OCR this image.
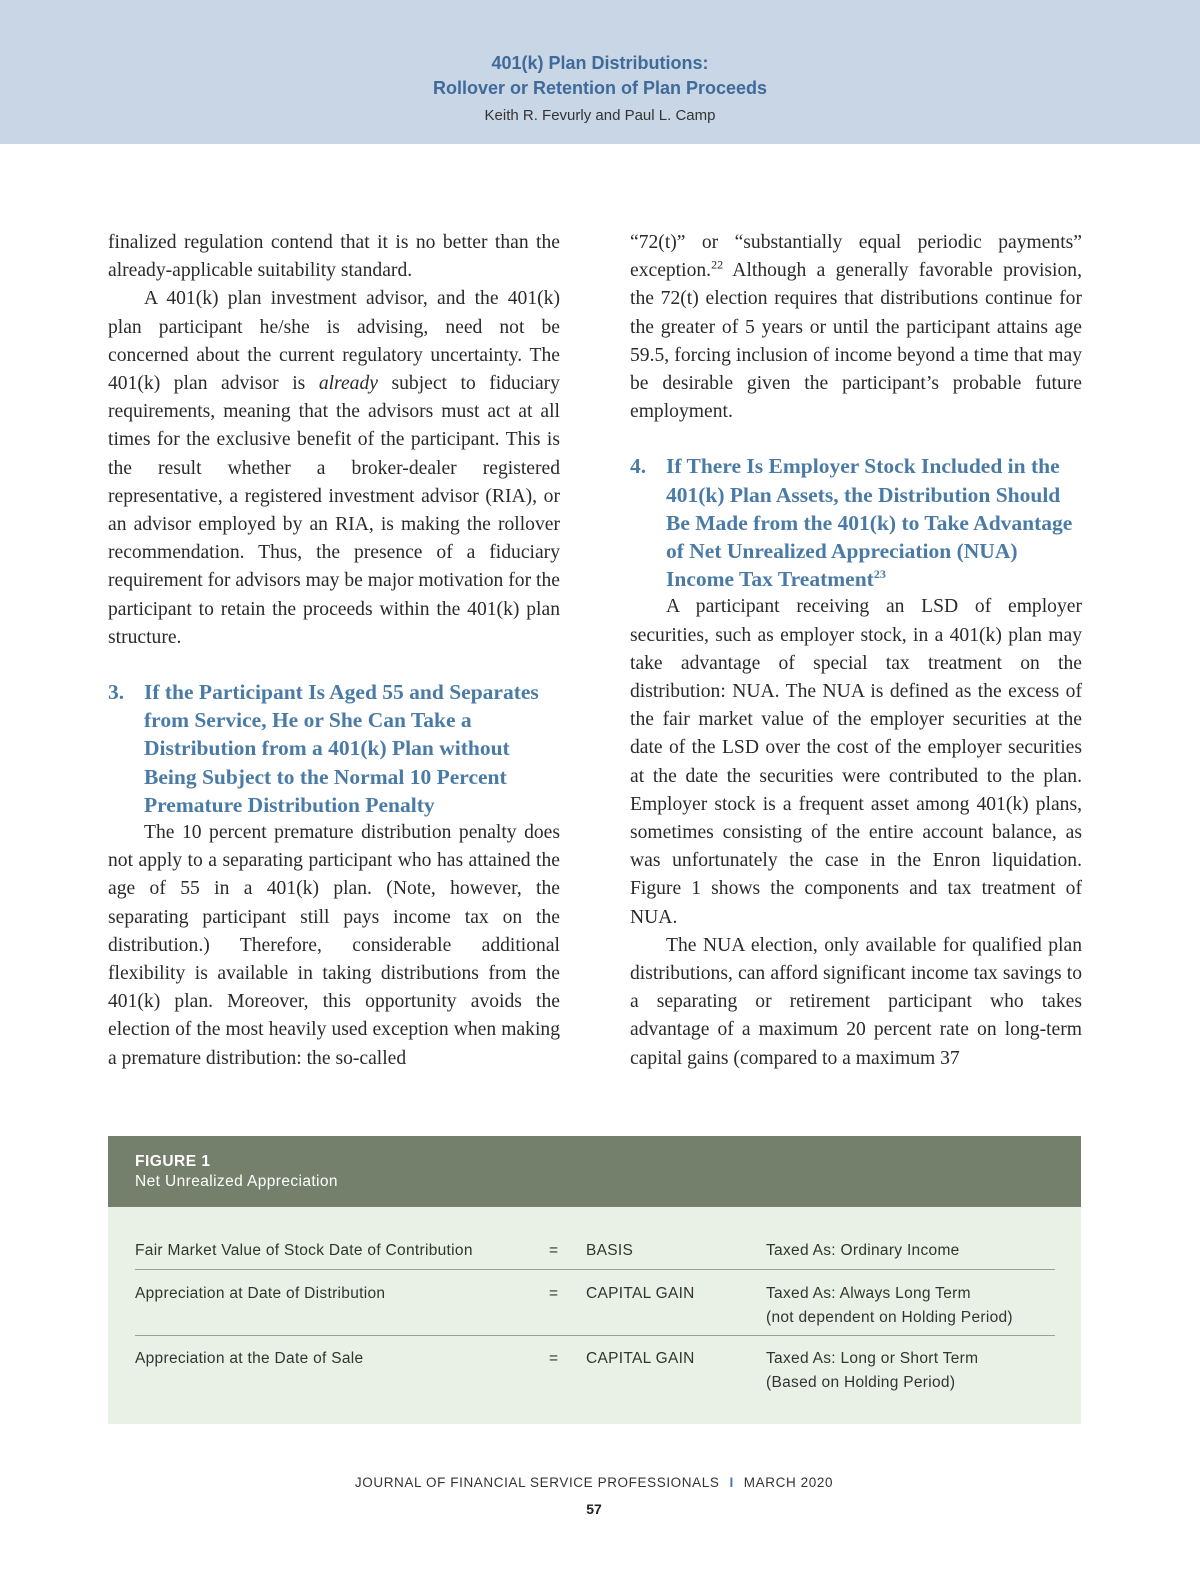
401(k) Plan Distributions:
Rollover or Retention of Plan Proceeds
Keith R. Fevurly and Paul L. Camp

finalized regulation contend that it is no better than the already-applicable suitability standard.

A 401(k) plan investment advisor, and the 401(k) plan participant he/she is advising, need not be concerned about the current regulatory uncertainty. The 401(k) plan advisor is already subject to fiduciary requirements, meaning that the advisors must act at all times for the exclusive benefit of the participant. This is the result whether a broker-dealer registered representative, a registered investment advisor (RIA), or an advisor employed by an RIA, is making the rollover recommendation. Thus, the presence of a fiduciary requirement for advisors may be major motivation for the participant to retain the proceeds within the 401(k) plan structure.

3. If the Participant Is Aged 55 and Separates from Service, He or She Can Take a Distribution from a 401(k) Plan without Being Subject to the Normal 10 Percent Premature Distribution Penalty

The 10 percent premature distribution penalty does not apply to a separating participant who has attained the age of 55 in a 401(k) plan. (Note, however, the separating participant still pays income tax on the distribution.) Therefore, considerable additional flexibility is available in taking distributions from the 401(k) plan. Moreover, this opportunity avoids the election of the most heavily used exception when making a premature distribution: the so-called

“72(t)” or “substantially equal periodic payments” exception.$^{22}$ Although a generally favorable provision, the 72(t) election requires that distributions continue for the greater of 5 years or until the participant attains age 59.5, forcing inclusion of income beyond a time that may be desirable given the participant’s probable future employment.

4. If There Is Employer Stock Included in the 401(k) Plan Assets, the Distribution Should Be Made from the 401(k) to Take Advantage of Net Unrealized Appreciation (NUA) Income Tax Treatment$^{23}$

A participant receiving an LSD of employer securities, such as employer stock, in a 401(k) plan may take advantage of special tax treatment on the distribution: NUA. The NUA is defined as the excess of the fair market value of the employer securities at the date of the LSD over the cost of the employer securities at the date the securities were contributed to the plan. Employer stock is a frequent asset among 401(k) plans, sometimes consisting of the entire account balance, as was unfortunately the case in the Enron liquidation. Figure 1 shows the components and tax treatment of NUA.

The NUA election, only available for qualified plan distributions, can afford significant income tax savings to a separating or retirement participant who takes advantage of a maximum 20 percent rate on long-term capital gains (compared to a maximum 37

FIGURE 1
Net Unrealized Appreciation
Fair Market Value of Stock Date of Contribution	= BASIS	Taxed As: Ordinary Income
Appreciation at Date of Distribution	= CAPITAL GAIN	Taxed As: Always Long Term
(not dependent on Holding Period)
Appreciation at the Date of Sale	= CAPITAL GAIN	Taxed As: Long or Short Term
(Based on Holding Period)
JOURNAL OF FINANCIAL SERVICE PROFESSIONALS I MARCH 2020
57
